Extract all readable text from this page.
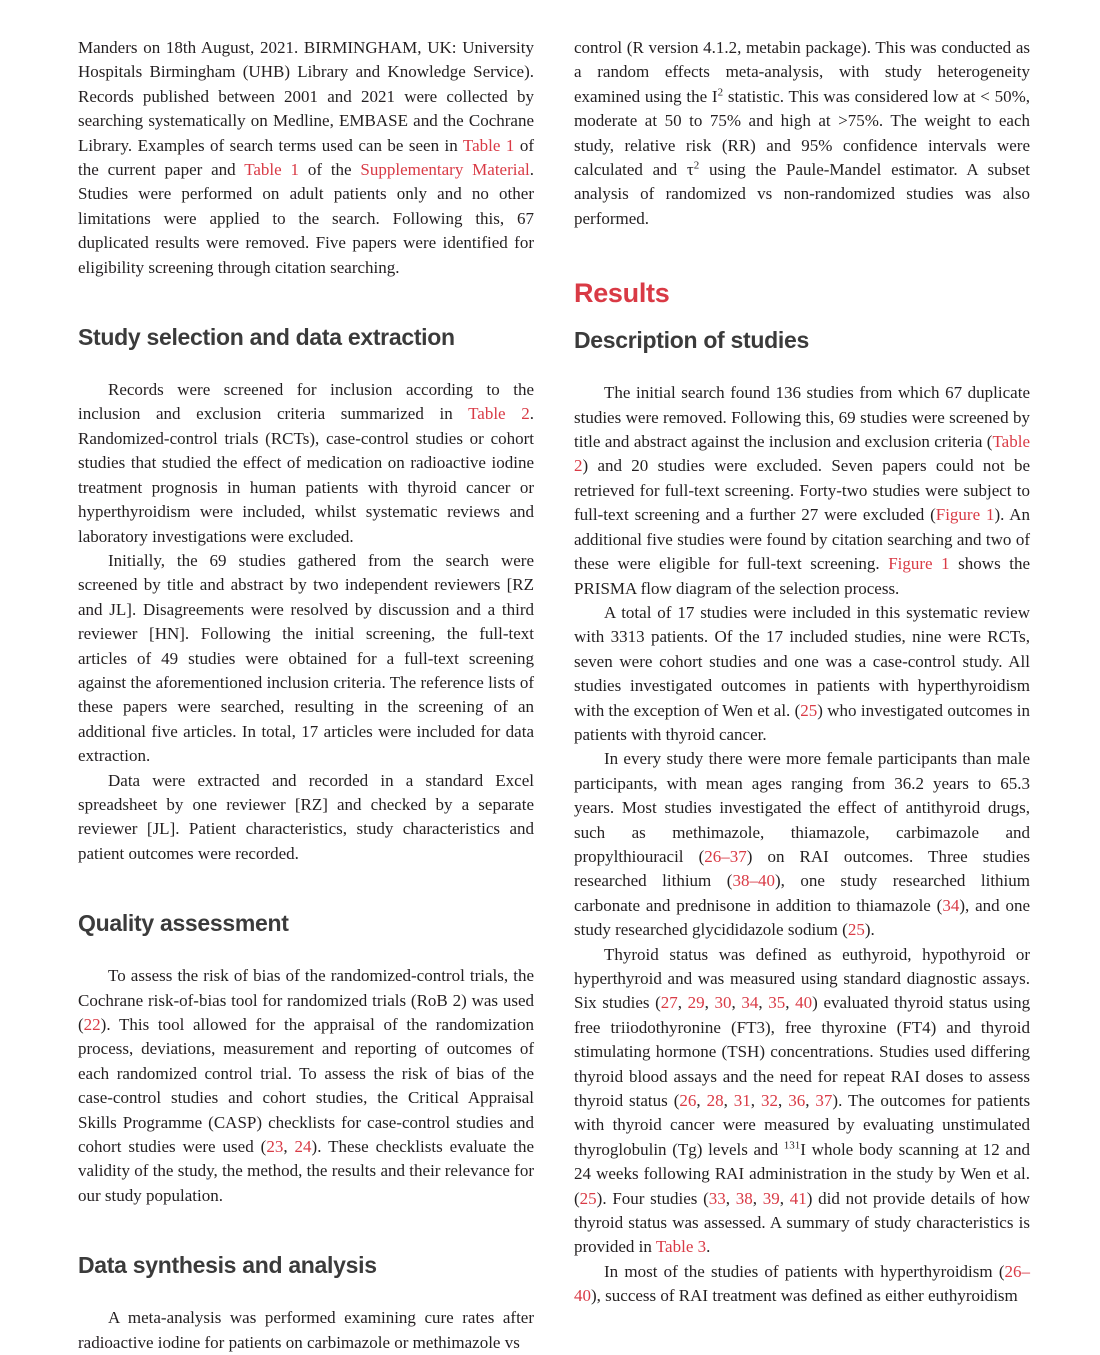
Manders on 18th August, 2021. BIRMINGHAM, UK: University Hospitals Birmingham (UHB) Library and Knowledge Service). Records published between 2001 and 2021 were collected by searching systematically on Medline, EMBASE and the Cochrane Library. Examples of search terms used can be seen in Table 1 of the current paper and Table 1 of the Supplementary Material. Studies were performed on adult patients only and no other limitations were applied to the search. Following this, 67 duplicated results were removed. Five papers were identified for eligibility screening through citation searching.

Study selection and data extraction

Records were screened for inclusion according to the inclusion and exclusion criteria summarized in Table 2. Randomized-control trials (RCTs), case-control studies or cohort studies that studied the effect of medication on radioactive iodine treatment prognosis in human patients with thyroid cancer or hyperthyroidism were included, whilst systematic reviews and laboratory investigations were excluded.

Initially, the 69 studies gathered from the search were screened by title and abstract by two independent reviewers [RZ and JL]. Disagreements were resolved by discussion and a third reviewer [HN]. Following the initial screening, the full-text articles of 49 studies were obtained for a full-text screening against the aforementioned inclusion criteria. The reference lists of these papers were searched, resulting in the screening of an additional five articles. In total, 17 articles were included for data extraction.

Data were extracted and recorded in a standard Excel spreadsheet by one reviewer [RZ] and checked by a separate reviewer [JL]. Patient characteristics, study characteristics and patient outcomes were recorded.

Quality assessment

To assess the risk of bias of the randomized-control trials, the Cochrane risk-of-bias tool for randomized trials (RoB 2) was used (22). This tool allowed for the appraisal of the randomization process, deviations, measurement and reporting of outcomes of each randomized control trial. To assess the risk of bias of the case-control studies and cohort studies, the Critical Appraisal Skills Programme (CASP) checklists for case-control studies and cohort studies were used (23, 24). These checklists evaluate the validity of the study, the method, the results and their relevance for our study population.

Data synthesis and analysis

A meta-analysis was performed examining cure rates after radioactive iodine for patients on carbimazole or methimazole vs

control (R version 4.1.2, metabin package). This was conducted as a random effects meta-analysis, with study heterogeneity examined using the $I^2$ statistic. This was considered low at < 50%, moderate at 50 to 75% and high at >75%. The weight to each study, relative risk (RR) and 95% confidence intervals were calculated and $\tau^2$ using the Paule-Mandel estimator. A subset analysis of randomized vs non-randomized studies was also performed.

Results
Description of studies

The initial search found 136 studies from which 67 duplicate studies were removed. Following this, 69 studies were screened by title and abstract against the inclusion and exclusion criteria (Table 2) and 20 studies were excluded. Seven papers could not be retrieved for full-text screening. Forty-two studies were subject to full-text screening and a further 27 were excluded (Figure 1). An additional five studies were found by citation searching and two of these were eligible for full-text screening. Figure 1 shows the PRISMA flow diagram of the selection process.

A total of 17 studies were included in this systematic review with 3313 patients. Of the 17 included studies, nine were RCTs, seven were cohort studies and one was a case-control study. All studies investigated outcomes in patients with hyperthyroidism with the exception of Wen et al. (25) who investigated outcomes in patients with thyroid cancer.

In every study there were more female participants than male participants, with mean ages ranging from 36.2 years to 65.3 years. Most studies investigated the effect of antithyroid drugs, such as methimazole, thiamazole, carbimazole and propylthiouracil (26–37) on RAI outcomes. Three studies researched lithium (38–40), one study researched lithium carbonate and prednisone in addition to thiamazole (34), and one study researched glycididazole sodium (25).

Thyroid status was defined as euthyroid, hypothyroid or hyperthyroid and was measured using standard diagnostic assays. Six studies (27, 29, 30, 34, 35, 40) evaluated thyroid status using free triiodothyronine (FT3), free thyroxine (FT4) and thyroid stimulating hormone (TSH) concentrations. Studies used differing thyroid blood assays and the need for repeat RAI doses to assess thyroid status (26, 28, 31, 32, 36, 37). The outcomes for patients with thyroid cancer were measured by evaluating unstimulated thyroglobulin (Tg) levels and $^{131}$I whole body scanning at 12 and 24 weeks following RAI administration in the study by Wen et al. (25). Four studies (33, 38, 39, 41) did not provide details of how thyroid status was assessed. A summary of study characteristics is provided in Table 3.

In most of the studies of patients with hyperthyroidism (26–40), success of RAI treatment was defined as either euthyroidism
